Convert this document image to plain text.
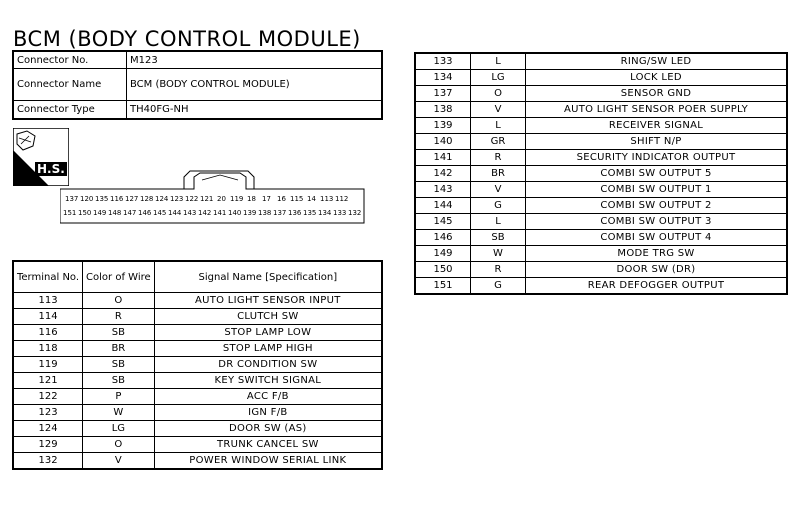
BCM (BODY CONTROL MODULE)
Connector No.	M123
Connector Name	BCM (BODY CONTROL MODULE)
Connector Type	TH40FG-NH
H.S.
137 120 135 116 127 128 124 123 122 121 20 119 18 17 16 115 14 113 112
151 150 149 148 147 146 145 144 143 142 141 140 139 138 137 136 135 134 133 132
Terminal No.	Color of Wire	Signal Name [Specification]
113	O	AUTO LIGHT SENSOR INPUT
114	R	CLUTCH SW
116	SB	STOP LAMP LOW
118	BR	STOP LAMP HIGH
119	SB	DR CONDITION SW
121	SB	KEY SWITCH SIGNAL
122	P	ACC F/B
123	W	IGN F/B
124	LG	DOOR SW (AS)
129	O	TRUNK CANCEL SW
132	V	POWER WINDOW SERIAL LINK
133	L	RING/SW LED
134	LG	LOCK LED
137	O	SENSOR GND
138	V	AUTO LIGHT SENSOR POER SUPPLY
139	L	RECEIVER SIGNAL
140	GR	SHIFT N/P
141	R	SECURITY INDICATOR OUTPUT
142	BR	COMBI SW OUTPUT 5
143	V	COMBI SW OUTPUT 1
144	G	COMBI SW OUTPUT 2
145	L	COMBI SW OUTPUT 3
146	SB	COMBI SW OUTPUT 4
149	W	MODE TRG SW
150	R	DOOR SW (DR)
151	G	REAR DEFOGGER OUTPUT
